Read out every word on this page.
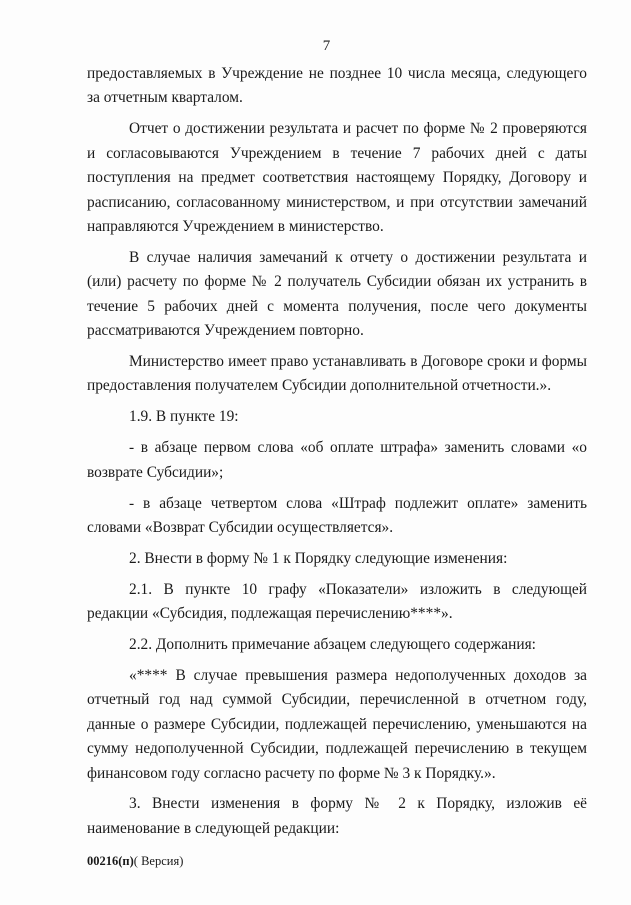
7

предоставляемых в Учреждение не позднее 10 числа месяца, следующего за отчетным кварталом.

Отчет о достижении результата и расчет по форме № 2 проверяются и согласовываются Учреждением в течение 7 рабочих дней с даты поступления на предмет соответствия настоящему Порядку, Договору и расписанию, согласованному министерством, и при отсутствии замечаний направляются Учреждением в министерство.

В случае наличия замечаний к отчету о достижении результата и (или) расчету по форме № 2 получатель Субсидии обязан их устранить в течение 5 рабочих дней с момента получения, после чего документы рассматриваются Учреждением повторно.

Министерство имеет право устанавливать в Договоре сроки и формы предоставления получателем Субсидии дополнительной отчетности.».

1.9. В пункте 19:

- в абзаце первом слова «об оплате штрафа» заменить словами «о возврате Субсидии»;

- в абзаце четвертом слова «Штраф подлежит оплате» заменить словами «Возврат Субсидии осуществляется».

2. Внести в форму № 1 к Порядку следующие изменения:

2.1. В пункте 10 графу «Показатели» изложить в следующей редакции «Субсидия, подлежащая перечислению****».

2.2. Дополнить примечание абзацем следующего содержания:

«**** В случае превышения размера недополученных доходов за отчетный год над суммой Субсидии, перечисленной в отчетном году, данные о размере Субсидии, подлежащей перечислению, уменьшаются на сумму недополученной Субсидии, подлежащей перечислению в текущем финансовом году согласно расчету по форме № 3 к Порядку.».

3. Внести изменения в форму № 2 к Порядку, изложив её наименование в следующей редакции:

00216(п)( Версия)
